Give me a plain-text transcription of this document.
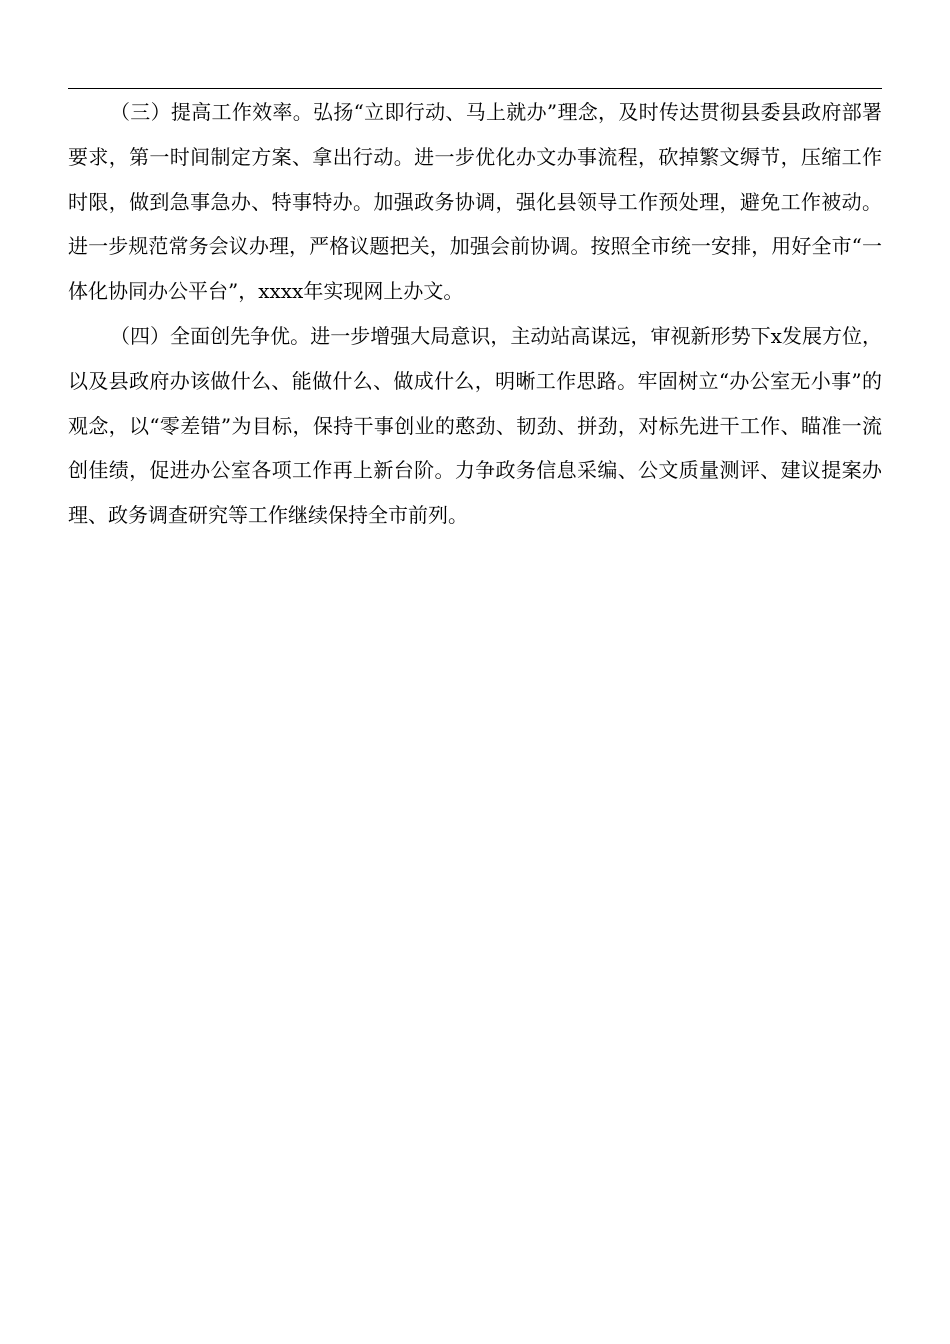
（三）提高工作效率。弘扬“立即行动、马上就办”理念，及时传达贯彻县委县政府部署要求，第一时间制定方案、拿出行动。进一步优化办文办事流程，砍掉繁文缛节，压缩工作时限，做到急事急办、特事特办。加强政务协调，强化县领导工作预处理，避免工作被动。进一步规范常务会议办理，严格议题把关，加强会前协调。按照全市统一安排，用好全市“一体化协同办公平台”，xxxx年实现网上办文。

（四）全面创先争优。进一步增强大局意识，主动站高谋远，审视新形势下x发展方位，以及县政府办该做什么、能做什么、做成什么，明晰工作思路。牢固树立“办公室无小事”的观念，以“零差错”为目标，保持干事创业的憨劲、韧劲、拼劲，对标先进干工作、瞄准一流创佳绩，促进办公室各项工作再上新台阶。力争政务信息采编、公文质量测评、建议提案办理、政务调查研究等工作继续保持全市前列。
